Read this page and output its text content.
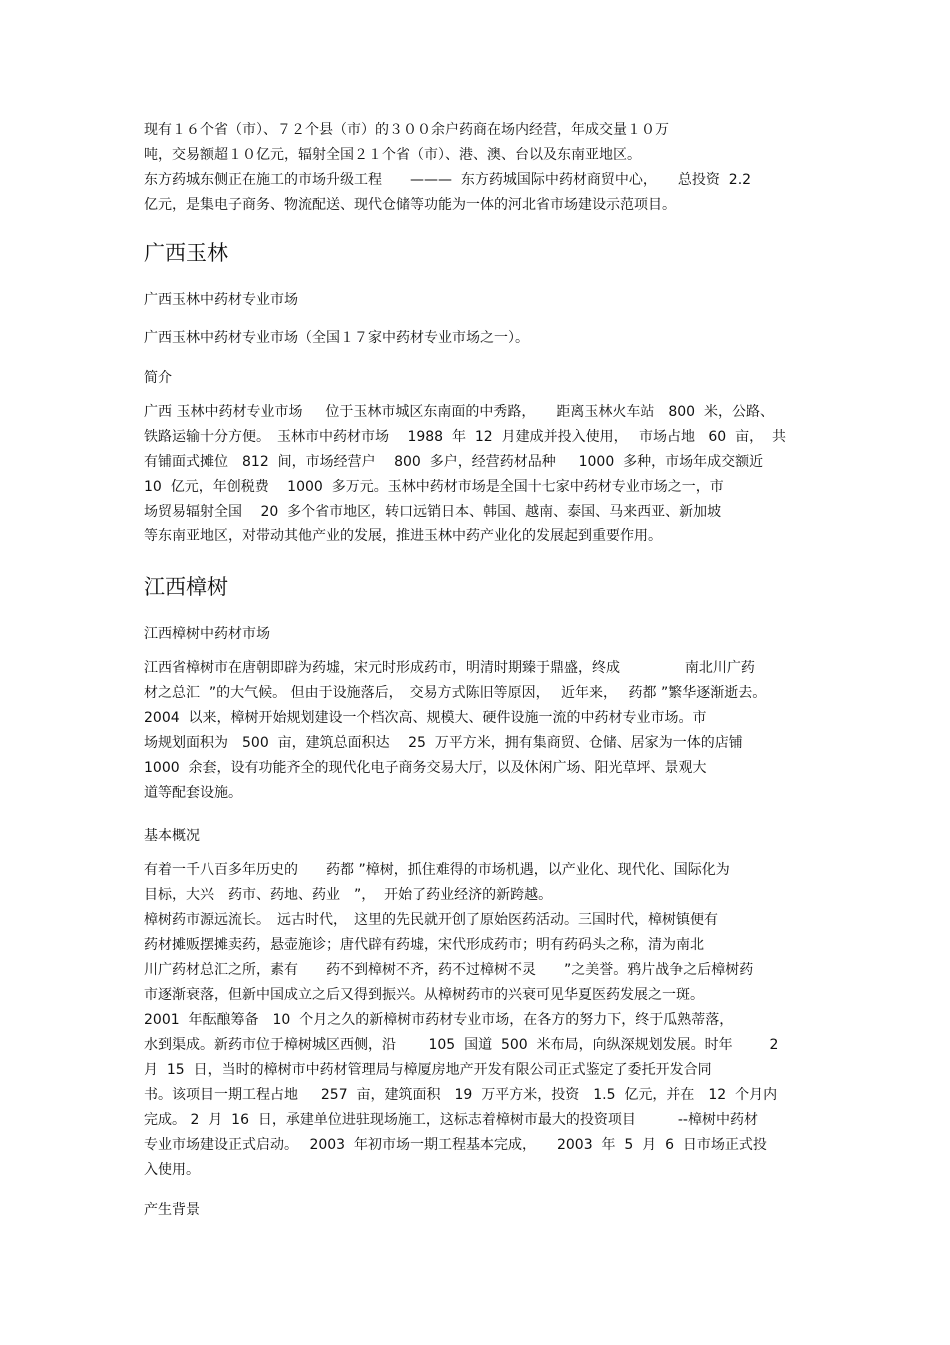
现有１６个省（市）、７２个县（市）的３００余户药商在场内经营，年成交量１０万
吨，交易额超１０亿元，辐射全国２１个省（市）、港、澳、台以及东南亚地区。
东方药城东侧正在施工的市场升级工程　　———  东方药城国际中药材商贸中心，　　总投资  2.2
亿元，是集电子商务、物流配送、现代仓储等功能为一体的河北省市场建设示范项目。
广西玉林
广西玉林中药材专业市场
广西玉林中药材专业市场（全国１７家中药材专业市场之一）。
简介
广西 玉林中药材专业市场　  位于玉林市城区东南面的中秀路，　　距离玉林火车站　800  米，公路、
铁路运输十分方便。　玉林市中药材市场　 1988  年  12  月建成并投入使用，　 市场占地   60  亩，  共
有铺面式摊位　812  间，市场经营户　 800  多户，经营药材品种　  1000  多种，市场年成交额近
10  亿元，年创税费　 1000  多万元。玉林中药材市场是全国十七家中药材专业市场之一，市
场贸易辐射全国　 20  多个省市地区，转口远销日本、韩国、越南、泰国、马来西亚、新加坡
等东南亚地区，对带动其他产业的发展，推进玉林中药产业化的发展起到重要作用。
江西樟树
江西樟树中药材市场
江西省樟树市在唐朝即辟为药墟，宋元时形成药市，明清时期臻于鼎盛，终成　　　　  南北川广药
材之总汇  ”的大气候。 但由于设施落后，　交易方式陈旧等原因，　 近年来，　 药都 ”繁华逐渐逝去。
2004  以来，樟树开始规划建设一个档次高、规模大、硬件设施一流的中药材专业市场。市
场规划面积为　500  亩，建筑总面积达　 25  万平方米，拥有集商贸、仓储、居家为一体的店铺
1000  余套，设有功能齐全的现代化电子商务交易大厅，以及休闲广场、阳光草坪、景观大
道等配套设施。
基本概况
有着一千八百多年历史的　　药都 ”樟树，抓住难得的市场机遇，以产业化、现代化、国际化为
目标，大兴　药市、药地、药业　”，  开始了药业经济的新跨越。
樟树药市源远流长。　远古时代，　这里的先民就开创了原始医药活动。三国时代，樟树镇便有
药材摊贩摆摊卖药，悬壶施诊；唐代辟有药墟，宋代形成药市；明有药码头之称，清为南北
川广药材总汇之所，素有　　药不到樟树不齐，药不过樟树不灵　　”之美誉。鸦片战争之后樟树药
市逐渐衰落，但新中国成立之后又得到振兴。从樟树药市的兴衰可见华夏医药发展之一斑。
2001  年酝酿筹备　10  个月之久的新樟树市药材专业市场，在各方的努力下，终于瓜熟蒂落，
水到渠成。新药市位于樟树城区西侧，沿　　 105  国道  500  米布局，向纵深规划发展。时年　　  2
月  15  日，当时的樟树市中药材管理局与樟厦房地产开发有限公司正式鉴定了委托开发合同
书。该项目一期工程占地　  257  亩，建筑面积　19  万平方米，投资　1.5  亿元，并在　12  个月内
完成。 2  月  16  日，承建单位进驻现场施工，这标志着樟树市最大的投资项目　　　--樟树中药材
专业市场建设正式启动。　 2003  年初市场一期工程基本完成，　　2003  年  5  月  6  日市场正式投
入使用。
产生背景
